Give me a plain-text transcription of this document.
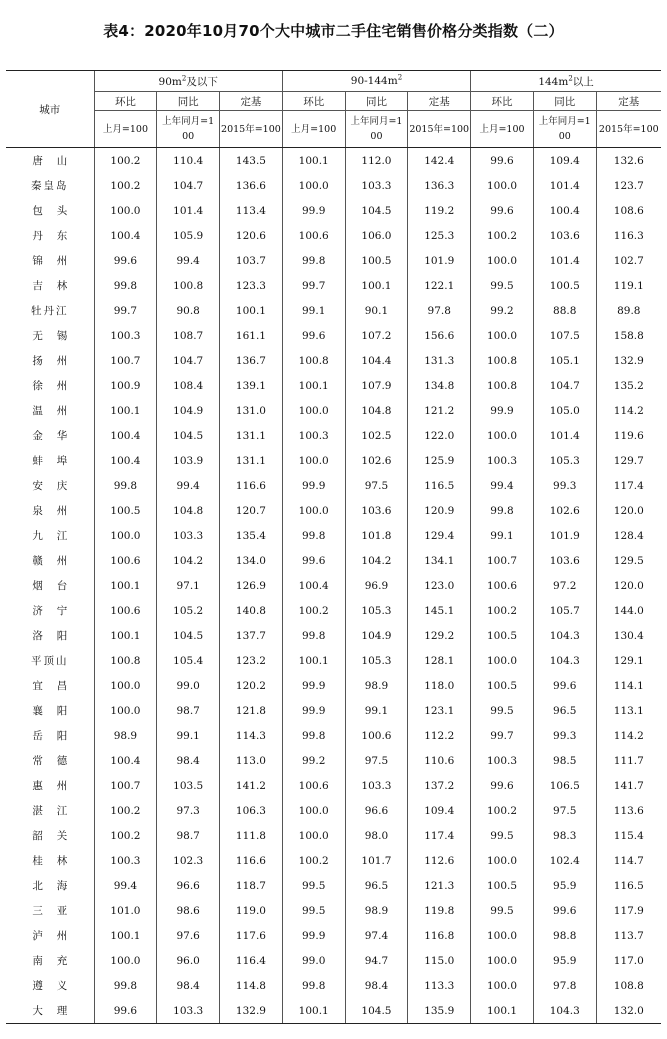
表4：2020年10月70个大中城市二手住宅销售价格分类指数（二）
城市	$90m^2$及以下			$90-144m^2$			$144m^2$以上		
	环比	同比	定基	环比	同比	定基	环比	同比	定基
	上月=100	上年同月=100	2015年=100	上月=100	上年同月=100	2015年=100	上月=100	上年同月=100	2015年=100
唐　 山	100.2	110.4	143.5	100.1	112.0	142.4	99.6	109.4	132.6
秦皇岛	100.2	104.7	136.6	100.0	103.3	136.3	100.0	101.4	123.7
包　 头	100.0	101.4	113.4	99.9	104.5	119.2	99.6	100.4	108.6
丹　 东	100.4	105.9	120.6	100.6	106.0	125.3	100.2	103.6	116.3
锦　 州	99.6	99.4	103.7	99.8	100.5	101.9	100.0	101.4	102.7
吉　 林	99.8	100.8	123.3	99.7	100.1	122.1	99.5	100.5	119.1
牡丹江	99.7	90.8	100.1	99.1	90.1	97.8	99.2	88.8	89.8
无　 锡	100.3	108.7	161.1	99.6	107.2	156.6	100.0	107.5	158.8
扬　 州	100.7	104.7	136.7	100.8	104.4	131.3	100.8	105.1	132.9
徐　 州	100.9	108.4	139.1	100.1	107.9	134.8	100.8	104.7	135.2
温　 州	100.1	104.9	131.0	100.0	104.8	121.2	99.9	105.0	114.2
金　 华	100.4	104.5	131.1	100.3	102.5	122.0	100.0	101.4	119.6
蚌　 埠	100.4	103.9	131.1	100.0	102.6	125.9	100.3	105.3	129.7
安　 庆	99.8	99.4	116.6	99.9	97.5	116.5	99.4	99.3	117.4
泉　 州	100.5	104.8	120.7	100.0	103.6	120.9	99.8	102.6	120.0
九　 江	100.0	103.3	135.4	99.8	101.8	129.4	99.1	101.9	128.4
赣　 州	100.6	104.2	134.0	99.6	104.2	134.1	100.7	103.6	129.5
烟　 台	100.1	97.1	126.9	100.4	96.9	123.0	100.6	97.2	120.0
济　 宁	100.6	105.2	140.8	100.2	105.3	145.1	100.2	105.7	144.0
洛　 阳	100.1	104.5	137.7	99.8	104.9	129.2	100.5	104.3	130.4
平顶山	100.8	105.4	123.2	100.1	105.3	128.1	100.0	104.3	129.1
宜　 昌	100.0	99.0	120.2	99.9	98.9	118.0	100.5	99.6	114.1
襄　 阳	100.0	98.7	121.8	99.9	99.1	123.1	99.5	96.5	113.1
岳　 阳	98.9	99.1	114.3	99.8	100.6	112.2	99.7	99.3	114.2
常　 德	100.4	98.4	113.0	99.2	97.5	110.6	100.3	98.5	111.7
惠　 州	100.7	103.5	141.2	100.6	103.3	137.2	99.6	106.5	141.7
湛　 江	100.2	97.3	106.3	100.0	96.6	109.4	100.2	97.5	113.6
韶　 关	100.2	98.7	111.8	100.0	98.0	117.4	99.5	98.3	115.4
桂　 林	100.3	102.3	116.6	100.2	101.7	112.6	100.0	102.4	114.7
北　 海	99.4	96.6	118.7	99.5	96.5	121.3	100.5	95.9	116.5
三　 亚	101.0	98.6	119.0	99.5	98.9	119.8	99.5	99.6	117.9
泸　 州	100.1	97.6	117.6	99.9	97.4	116.8	100.0	98.8	113.7
南　 充	100.0	96.0	116.4	99.0	94.7	115.0	100.0	95.9	117.0
遵　 义	99.8	98.4	114.8	99.8	98.4	113.3	100.0	97.8	108.8
大　 理	99.6	103.3	132.9	100.1	104.5	135.9	100.1	104.3	132.0
